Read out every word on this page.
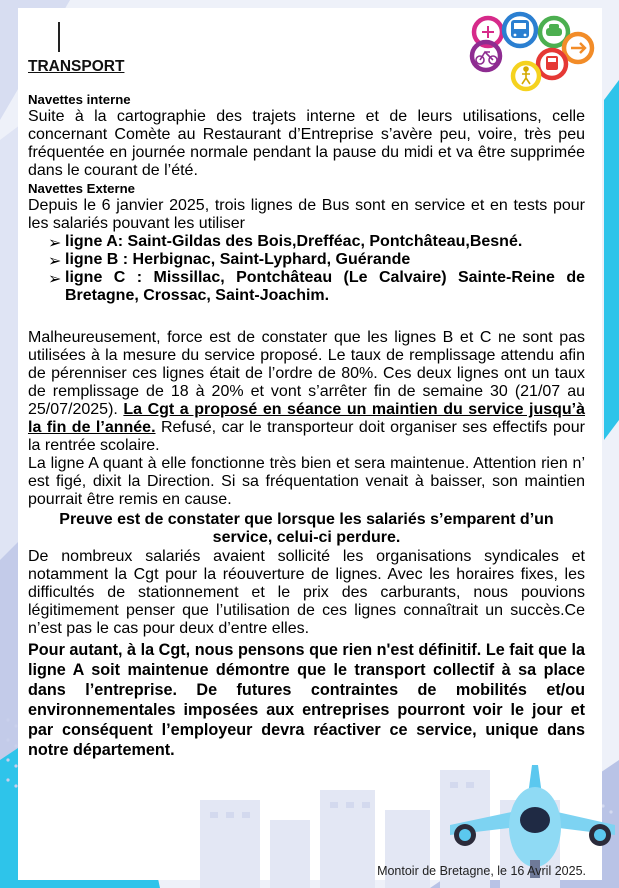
TRANSPORT
Navettes interne

Suite à la cartographie des trajets interne et de leurs utilisations, celle concernant Comète au Restaurant d’Entreprise s’avère peu, voire, très peu fréquentée en journée normale pendant la pause du midi et va être supprimée dans le courant de l’été.

Navettes Externe

Depuis le 6 janvier 2025, trois lignes de Bus sont en service et en tests pour les salariés pouvant les utiliser

➢ ligne A: Saint-Gildas des Bois,Drefféac, Pontchâteau,Besné.
➢ ligne B : Herbignac, Saint-Lyphard, Guérande
➢ ligne C : Missillac, Pontchâteau (Le Calvaire) Sainte-Reine de Bretagne, Crossac, Saint-Joachim.

Malheureusement, force est de constater que les lignes B et C ne sont pas utilisées à la mesure du service proposé. Le taux de remplissage attendu afin de pérenniser ces lignes était de l’ordre de 80%. Ces deux lignes ont un taux de remplissage de 18 à 20% et vont s’arrêter fin de semaine 30 (21/07 au 25/07/2025). La Cgt a proposé en séance un maintien du service jusqu’à la fin de l’année. Refusé, car le transporteur doit organiser ses effectifs pour la rentrée scolaire.

La ligne A quant à elle fonctionne très bien et sera maintenue. Attention rien n’ est figé, dixit la Direction. Si sa fréquentation venait à baisser, son maintien pourrait être remis en cause.

Preuve est de constater que lorsque les salariés s’emparent d’un service, celui-ci perdure.

De nombreux salariés avaient sollicité les organisations syndicales et notamment la Cgt pour la réouverture de lignes. Avec les horaires fixes, les difficultés de stationnement et le prix des carburants, nous pouvions légitimement penser que l’utilisation de ces lignes connaîtrait un succès.Ce n’est pas le cas pour deux d’entre elles.

Pour autant, à la Cgt, nous pensons que rien n'est définitif. Le fait que la ligne A soit maintenue démontre que le transport collectif à sa place dans l’entreprise. De futures contraintes de mobilités et/ou environnementales imposées aux entreprises pourront voir le jour et par conséquent l’employeur devra réactiver ce service, unique dans notre département.

Montoir de Bretagne, le 16 Avril 2025.
